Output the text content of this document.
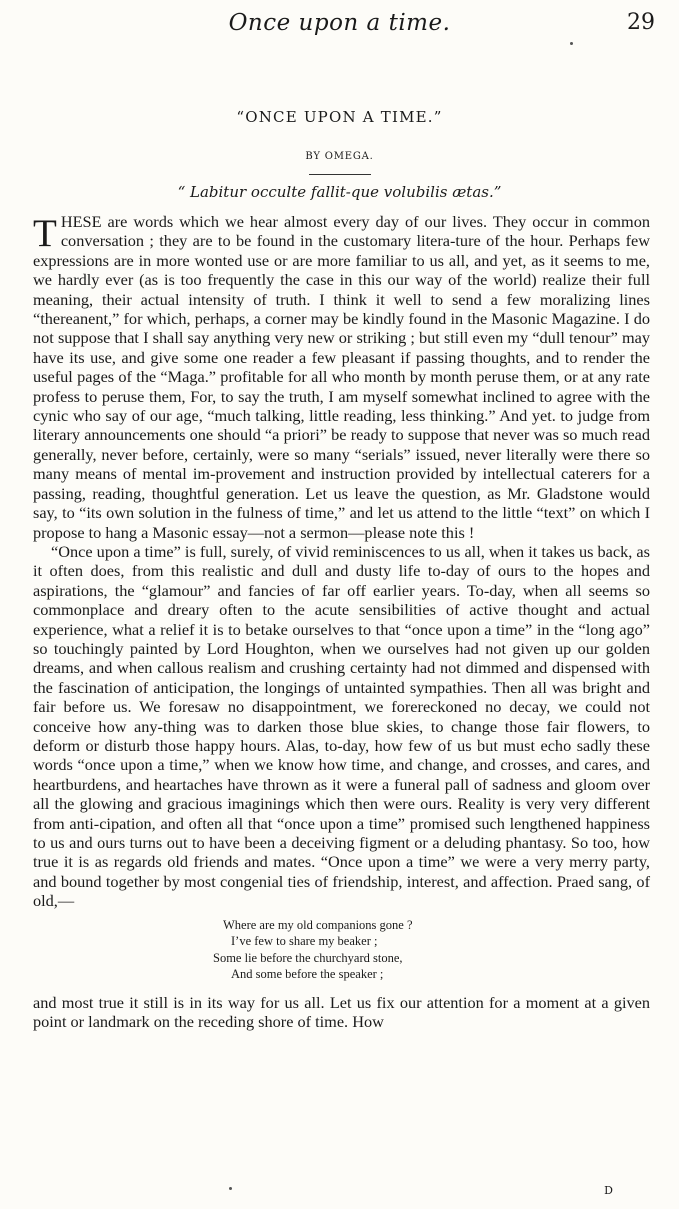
Once upon a time.	29
“ONCE UPON A TIME.”
BY OMEGA.
“ Labitur occulte fallit-que volubilis ætas.”

THESE are words which we hear almost every day of our lives. They occur in common conversation ; they are to be found in the customary litera-ture of the hour. Perhaps few expressions are in more wonted use or are more familiar to us all, and yet, as it seems to me, we hardly ever (as is too frequently the case in this our way of the world) realize their full meaning, their actual intensity of truth. I think it well to send a few moralizing lines “thereanent,” for which, perhaps, a corner may be kindly found in the Masonic Magazine. I do not suppose that I shall say anything very new or striking ; but still even my “dull tenour” may have its use, and give some one reader a few pleasant if passing thoughts, and to render the useful pages of the “Maga.” profitable for all who month by month peruse them, or at any rate profess to peruse them, For, to say the truth, I am myself somewhat inclined to agree with the cynic who say of our age, “much talking, little reading, less thinking.” And yet. to judge from literary announcements one should “a priori” be ready to suppose that never was so much read generally, never before, certainly, were so many “serials” issued, never literally were there so many means of mental im-provement and instruction provided by intellectual caterers for a passing, reading, thoughtful generation. Let us leave the question, as Mr. Gladstone would say, to “its own solution in the fulness of time,” and let us attend to the little “text” on which I propose to hang a Masonic essay—not a sermon—please note this !

“Once upon a time” is full, surely, of vivid reminiscences to us all, when it takes us back, as it often does, from this realistic and dull and dusty life to-day of ours to the hopes and aspirations, the “glamour” and fancies of far off earlier years. To-day, when all seems so commonplace and dreary often to the acute sensibilities of active thought and actual experience, what a relief it is to betake ourselves to that “once upon a time” in the “long ago” so touchingly painted by Lord Houghton, when we ourselves had not given up our golden dreams, and when callous realism and crushing certainty had not dimmed and dispensed with the fascination of anticipation, the longings of untainted sympathies. Then all was bright and fair before us. We foresaw no disappointment, we forereckoned no decay, we could not conceive how any-thing was to darken those blue skies, to change those fair flowers, to deform or disturb those happy hours. Alas, to-day, how few of us but must echo sadly these words “once upon a time,” when we know how time, and change, and crosses, and cares, and heartburdens, and heartaches have thrown as it were a funeral pall of sadness and gloom over all the glowing and gracious imaginings which then were ours. Reality is very very different from anti-cipation, and often all that “once upon a time” promised such lengthened happiness to us and ours turns out to have been a deceiving figment or a deluding phantasy. So too, how true it is as regards old friends and mates. “Once upon a time” we were a very merry party, and bound together by most congenial ties of friendship, interest, and affection. Praed sang, of old,—

Where are my old companions gone ?
I’ve few to share my beaker ;
Some lie before the churchyard stone,
And some before the speaker ;

and most true it still is in its way for us all. Let us fix our attention for a moment at a given point or landmark on the receding shore of time. How

D
